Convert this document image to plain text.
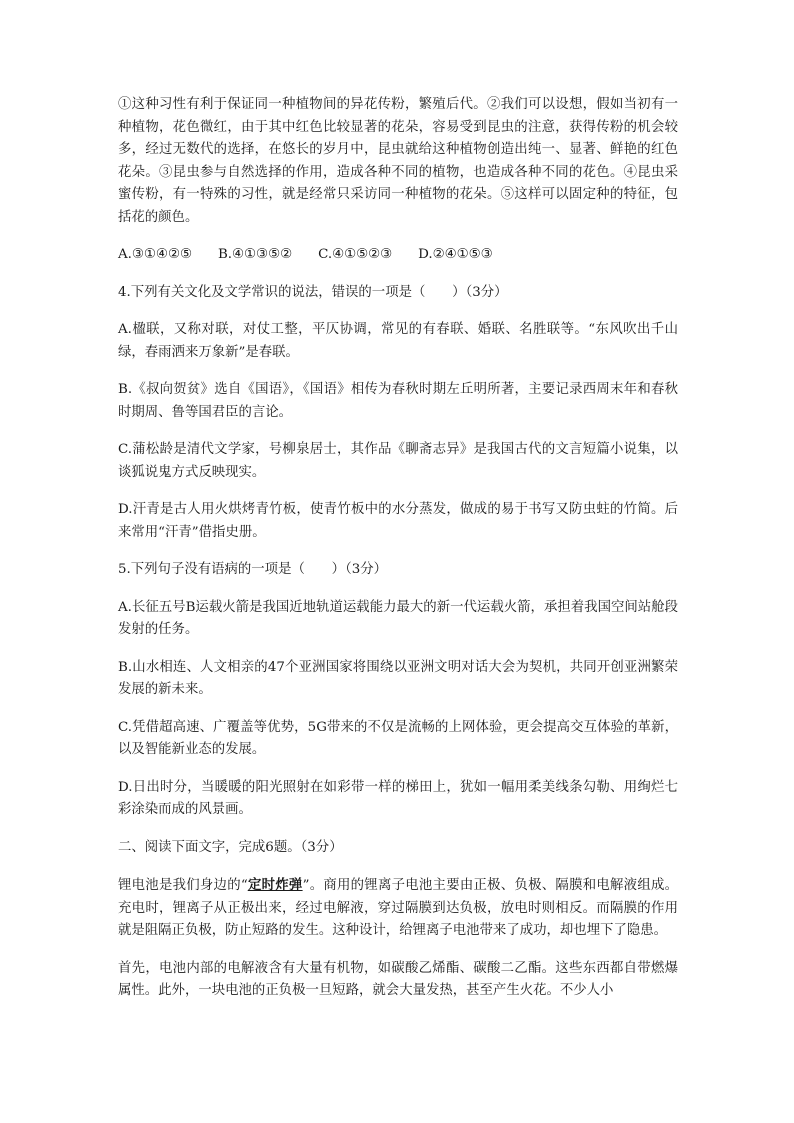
①这种习性有利于保证同一种植物间的异花传粉，繁殖后代。②我们可以设想，假如当初有一种植物，花色微红，由于其中红色比较显著的花朵，容易受到昆虫的注意，获得传粉的机会较多，经过无数代的选择，在悠长的岁月中，昆虫就给这种植物创造出纯一、显著、鲜艳的红色花朵。③昆虫参与自然选择的作用，造成各种不同的植物，也造成各种不同的花色。④昆虫采蜜传粉，有一特殊的习性，就是经常只采访同一种植物的花朵。⑤这样可以固定种的特征，包括花的颜色。

A.③①④②⑤ B.④①③⑤② C.④①⑤②③ D.②④①⑤③

4.下列有关文化及文学常识的说法，错误的一项是（　　）（3分）

A.楹联，又称对联，对仗工整，平仄协调，常见的有春联、婚联、名胜联等。“东风吹出千山绿，春雨洒来万象新”是春联。

B.《叔向贺贫》选自《国语》，《国语》相传为春秋时期左丘明所著，主要记录西周末年和春秋时期周、鲁等国君臣的言论。

C.蒲松龄是清代文学家，号柳泉居士，其作品《聊斋志异》是我国古代的文言短篇小说集，以谈狐说鬼方式反映现实。

D.汗青是古人用火烘烤青竹板，使青竹板中的水分蒸发，做成的易于书写又防虫蛀的竹简。后来常用“汗青”借指史册。

5.下列句子没有语病的一项是（　　）（3分）

A.长征五号B运载火箭是我国近地轨道运载能力最大的新一代运载火箭，承担着我国空间站舱段发射的任务。

B.山水相连、人文相亲的47个亚洲国家将围绕以亚洲文明对话大会为契机，共同开创亚洲繁荣发展的新未来。

C.凭借超高速、广覆盖等优势，5G带来的不仅是流畅的上网体验，更会提高交互体验的革新，以及智能新业态的发展。

D.日出时分，当暖暖的阳光照射在如彩带一样的梯田上，犹如一幅用柔美线条勾勒、用绚烂七彩涂染而成的风景画。

二、阅读下面文字，完成6题。（3分）

锂电池是我们身边的“定时炸弹”。商用的锂离子电池主要由正极、负极、隔膜和电解液组成。充电时，锂离子从正极出来，经过电解液，穿过隔膜到达负极，放电时则相反。而隔膜的作用就是阻隔正负极，防止短路的发生。这种设计，给锂离子电池带来了成功，却也埋下了隐患。

首先，电池内部的电解液含有大量有机物，如碳酸乙烯酯、碳酸二乙酯。这些东西都自带燃爆属性。此外，一块电池的正负极一旦短路，就会大量发热，甚至产生火花。不少人小
